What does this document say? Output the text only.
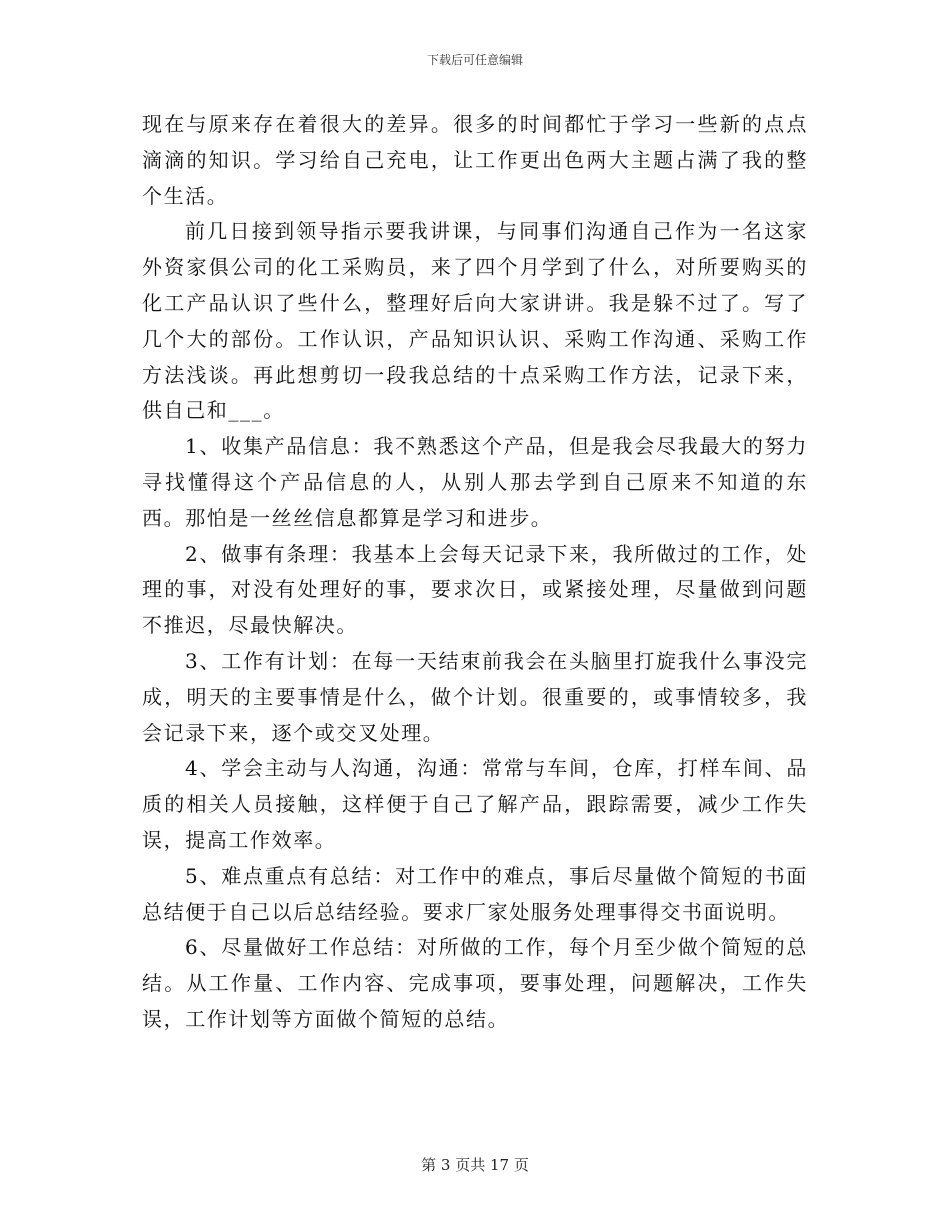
下载后可任意编辑

现在与原来存在着很大的差异。很多的时间都忙于学习一些新的点点滴滴的知识。学习给自己充电，让工作更出色两大主题占满了我的整个生活。

前几日接到领导指示要我讲课，与同事们沟通自己作为一名这家外资家俱公司的化工采购员，来了四个月学到了什么，对所要购买的化工产品认识了些什么，整理好后向大家讲讲。我是躲不过了。写了几个大的部份。工作认识，产品知识认识、采购工作沟通、采购工作方法浅谈。再此想剪切一段我总结的十点采购工作方法，记录下来，供自己和___。

1、收集产品信息：我不熟悉这个产品，但是我会尽我最大的努力寻找懂得这个产品信息的人，从别人那去学到自己原来不知道的东西。那怕是一丝丝信息都算是学习和进步。

2、做事有条理：我基本上会每天记录下来，我所做过的工作，处理的事，对没有处理好的事，要求次日，或紧接处理，尽量做到问题不推迟，尽最快解决。

3、工作有计划：在每一天结束前我会在头脑里打旋我什么事没完成，明天的主要事情是什么，做个计划。很重要的，或事情较多，我会记录下来，逐个或交叉处理。

4、学会主动与人沟通，沟通：常常与车间，仓库，打样车间、品质的相关人员接触，这样便于自己了解产品，跟踪需要，减少工作失误，提高工作效率。

5、难点重点有总结：对工作中的难点，事后尽量做个简短的书面总结便于自己以后总结经验。要求厂家处服务处理事得交书面说明。

6、尽量做好工作总结：对所做的工作，每个月至少做个简短的总结。从工作量、工作内容、完成事项，要事处理，问题解决，工作失误，工作计划等方面做个简短的总结。

第 3 页共 17 页
